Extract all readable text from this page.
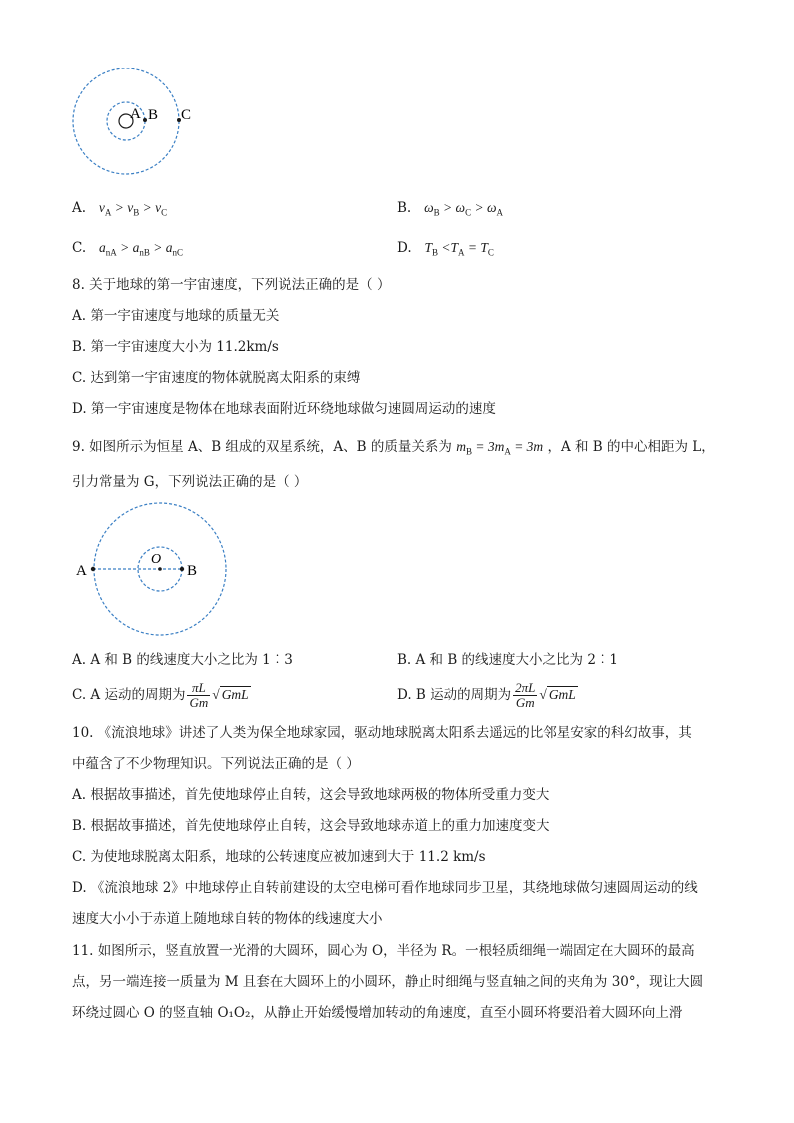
A B C
A. $v_A > v_B > v_C$	B. $\omega_B > \omega_C > \omega_A$
C. $a_{nA} > a_{nB} > a_{nC}$	D. $T_B <T_A = T_C$
8. 关于地球的第一宇宙速度，下列说法正确的是（ ）
A. 第一宇宙速度与地球的质量无关
B. 第一宇宙速度大小为 11.2km/s
C. 达到第一宇宙速度的物体就脱离太阳系的束缚
D. 第一宇宙速度是物体在地球表面附近环绕地球做匀速圆周运动的速度
9. 如图所示为恒星 A、B 组成的双星系统，A、B 的质量关系为 $m_B = 3m_A = 3m$ ，A 和 B 的中心相距为 L，
引力常量为 G，下列说法正确的是（ ）
A	B
O
A. A 和 B 的线速度大小之比为 1︰3	B. A 和 B 的线速度大小之比为 2︰1
C. A 运动的周期为 $\frac{\pi L}{Gm}$ √ GmL	D. B 运动的周期为 $\frac{2\pi L}{Gm}$ √ GmL
10. 《流浪地球》讲述了人类为保全地球家园，驱动地球脱离太阳系去遥远的比邻星安家的科幻故事，其
中蕴含了不少物理知识。下列说法正确的是（ ）
A. 根据故事描述，首先使地球停止自转，这会导致地球两极的物体所受重力变大
B. 根据故事描述，首先使地球停止自转，这会导致地球赤道上的重力加速度变大
C. 为使地球脱离太阳系，地球的公转速度应被加速到大于 11.2 km/s
D. 《流浪地球 2》中地球停止自转前建设的太空电梯可看作地球同步卫星，其绕地球做匀速圆周运动的线
速度大小小于赤道上随地球自转的物体的线速度大小
11. 如图所示，竖直放置一光滑的大圆环，圆心为 O，半径为 R。一根轻质细绳一端固定在大圆环的最高
点，另一端连接一质量为 M 且套在大圆环上的小圆环，静止时细绳与竖直轴之间的夹角为 30°，现让大圆
环绕过圆心 O 的竖直轴 O₁O₂，从静止开始缓慢增加转动的角速度，直至小圆环将要沿着大圆环向上滑
